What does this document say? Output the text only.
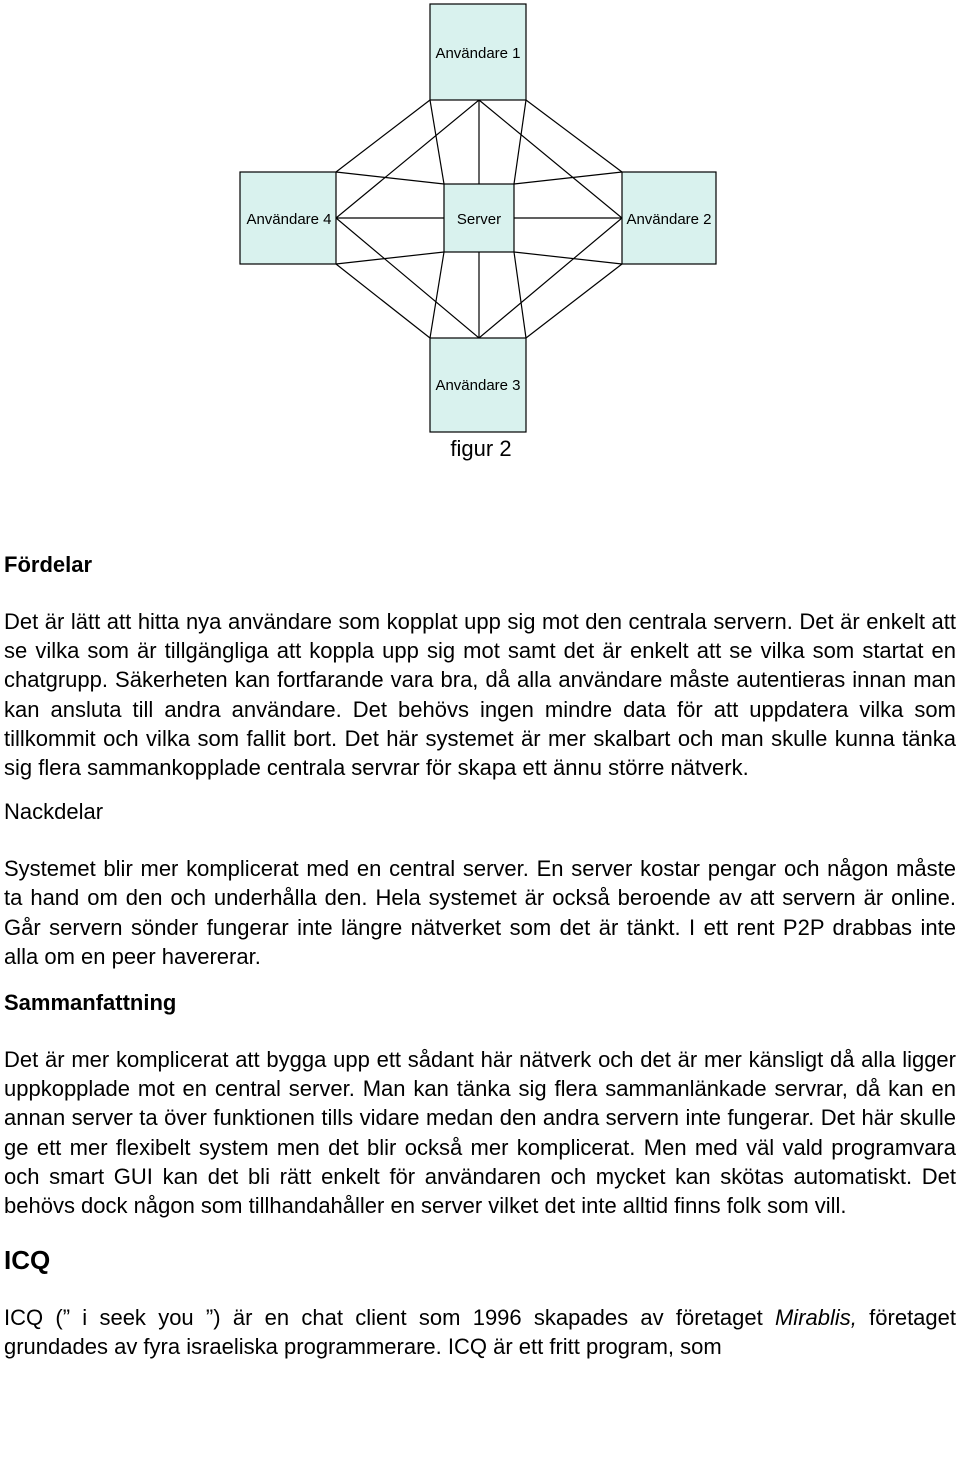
Användare 1
Användare 4	Server	Användare 2
Användare 3
figur 2
Fördelar

Det är lätt att hitta nya användare som kopplat upp sig mot den centrala servern. Det är enkelt att se vilka som är tillgängliga att koppla upp sig mot samt det är enkelt att se vilka som startat en chatgrupp. Säkerheten kan fortfarande vara bra, då alla användare måste autentieras innan man kan ansluta till andra användare. Det behövs ingen mindre data för att uppdatera vilka som tillkommit och vilka som fallit bort. Det här systemet är mer skalbart och man skulle kunna tänka sig flera sammankopplade centrala servrar för skapa ett ännu större nätverk.

Nackdelar

Systemet blir mer komplicerat med en central server. En server kostar pengar och någon måste ta hand om den och underhålla den. Hela systemet är också beroende av att servern är online. Går servern sönder fungerar inte längre nätverket som det är tänkt. I ett rent P2P drabbas inte alla om en peer havererar.

Sammanfattning

Det är mer komplicerat att bygga upp ett sådant här nätverk och det är mer känsligt då alla ligger uppkopplade mot en central server. Man kan tänka sig flera sammanlänkade servrar, då kan en annan server ta över funktionen tills vidare medan den andra servern inte fungerar. Det här skulle ge ett mer flexibelt system men det blir också mer komplicerat. Men med väl vald programvara och smart GUI kan det bli rätt enkelt för användaren och mycket kan skötas automatiskt. Det behövs dock någon som tillhandahåller en server vilket det inte alltid finns folk som vill.

ICQ

ICQ (” i seek you ”) är en chat client som 1996 skapades av företaget Mirablis, företaget grundades av fyra israeliska programmerare. ICQ är ett fritt program, som
